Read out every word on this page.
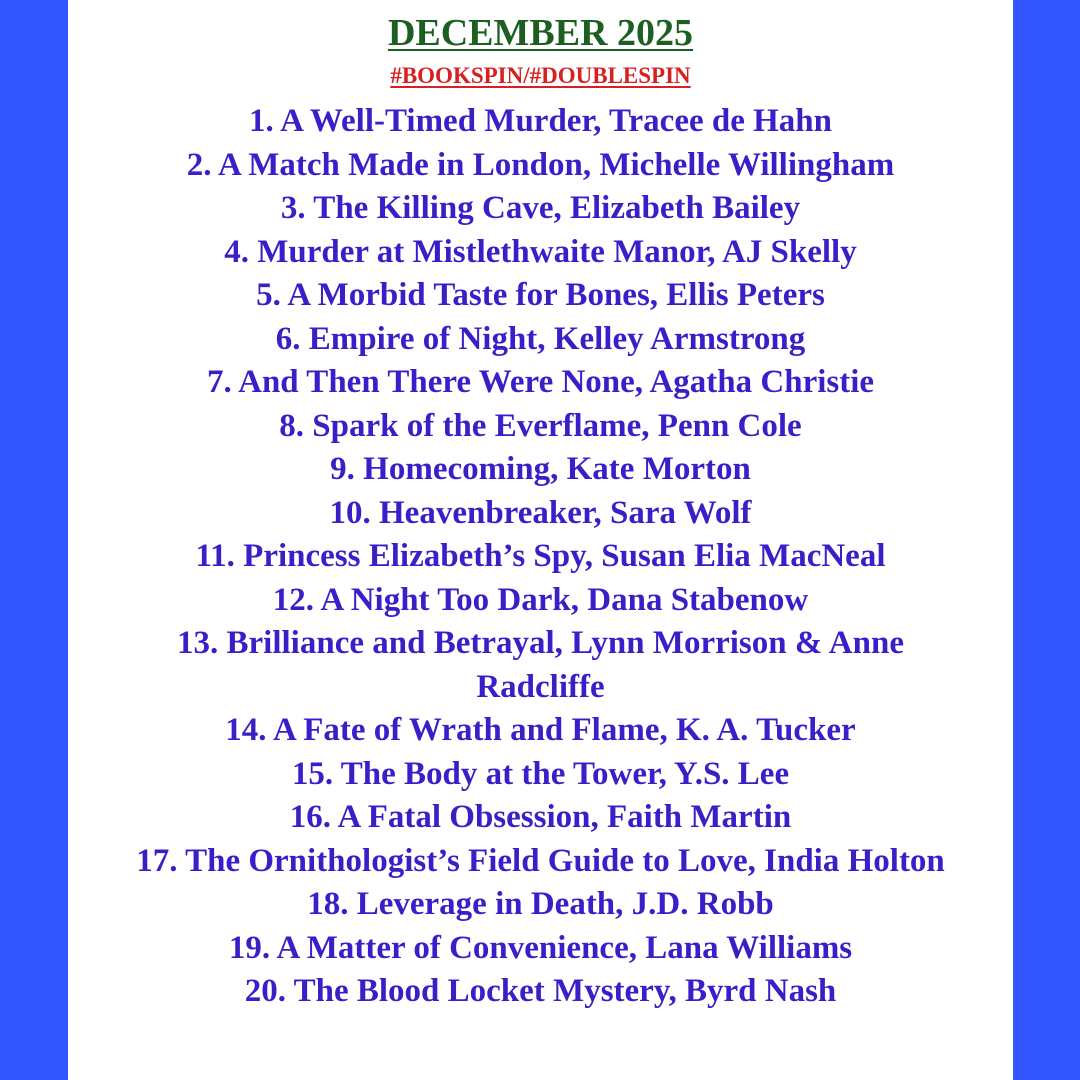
DECEMBER 2025
#BOOKSPIN/#DOUBLESPIN
1. A Well-Timed Murder, Tracee de Hahn
2. A Match Made in London, Michelle Willingham
3. The Killing Cave, Elizabeth Bailey
4. Murder at Mistlethwaite Manor, AJ Skelly
5. A Morbid Taste for Bones, Ellis Peters
6. Empire of Night, Kelley Armstrong
7. And Then There Were None, Agatha Christie
8. Spark of the Everflame, Penn Cole
9. Homecoming, Kate Morton
10. Heavenbreaker, Sara Wolf
11. Princess Elizabeth’s Spy, Susan Elia MacNeal
12. A Night Too Dark, Dana Stabenow
13. Brilliance and Betrayal, Lynn Morrison & Anne Radcliffe
14. A Fate of Wrath and Flame, K. A. Tucker
15. The Body at the Tower, Y.S. Lee
16. A Fatal Obsession, Faith Martin
17. The Ornithologist’s Field Guide to Love, India Holton
18. Leverage in Death, J.D. Robb
19. A Matter of Convenience, Lana Williams
20. The Blood Locket Mystery, Byrd Nash
